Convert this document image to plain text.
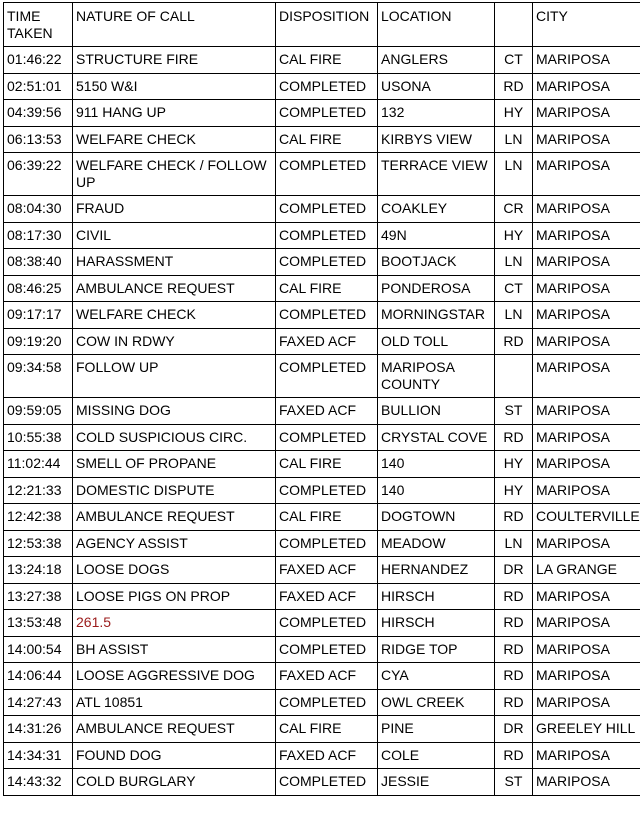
TIME TAKEN	NATURE OF CALL	DISPOSITION	LOCATION		CITY
01:46:22	STRUCTURE FIRE	CAL FIRE	ANGLERS	CT	MARIPOSA
02:51:01	5150 W&I	COMPLETED	USONA	RD	MARIPOSA
04:39:56	911 HANG UP	COMPLETED	132	HY	MARIPOSA
06:13:53	WELFARE CHECK	CAL FIRE	KIRBYS VIEW	LN	MARIPOSA
06:39:22	WELFARE CHECK / FOLLOW UP	COMPLETED	TERRACE VIEW	LN	MARIPOSA
08:04:30	FRAUD	COMPLETED	COAKLEY	CR	MARIPOSA
08:17:30	CIVIL	COMPLETED	49N	HY	MARIPOSA
08:38:40	HARASSMENT	COMPLETED	BOOTJACK	LN	MARIPOSA
08:46:25	AMBULANCE REQUEST	CAL FIRE	PONDEROSA	CT	MARIPOSA
09:17:17	WELFARE CHECK	COMPLETED	MORNINGSTAR	LN	MARIPOSA
09:19:20	COW IN RDWY	FAXED ACF	OLD TOLL	RD	MARIPOSA
09:34:58	FOLLOW UP	COMPLETED	MARIPOSA COUNTY		MARIPOSA
09:59:05	MISSING DOG	FAXED ACF	BULLION	ST	MARIPOSA
10:55:38	COLD SUSPICIOUS CIRC.	COMPLETED	CRYSTAL COVE	RD	MARIPOSA
11:02:44	SMELL OF PROPANE	CAL FIRE	140	HY	MARIPOSA
12:21:33	DOMESTIC DISPUTE	COMPLETED	140	HY	MARIPOSA
12:42:38	AMBULANCE REQUEST	CAL FIRE	DOGTOWN	RD	COULTERVILLE
12:53:38	AGENCY ASSIST	COMPLETED	MEADOW	LN	MARIPOSA
13:24:18	LOOSE DOGS	FAXED ACF	HERNANDEZ	DR	LA GRANGE
13:27:38	LOOSE PIGS ON PROP	FAXED ACF	HIRSCH	RD	MARIPOSA
13:53:48	261.5	COMPLETED	HIRSCH	RD	MARIPOSA
14:00:54	BH ASSIST	COMPLETED	RIDGE TOP	RD	MARIPOSA
14:06:44	LOOSE AGGRESSIVE DOG	FAXED ACF	CYA	RD	MARIPOSA
14:27:43	ATL 10851	COMPLETED	OWL CREEK	RD	MARIPOSA
14:31:26	AMBULANCE REQUEST	CAL FIRE	PINE	DR	GREELEY HILL
14:34:31	FOUND DOG	FAXED ACF	COLE	RD	MARIPOSA
14:43:32	COLD BURGLARY	COMPLETED	JESSIE	ST	MARIPOSA
